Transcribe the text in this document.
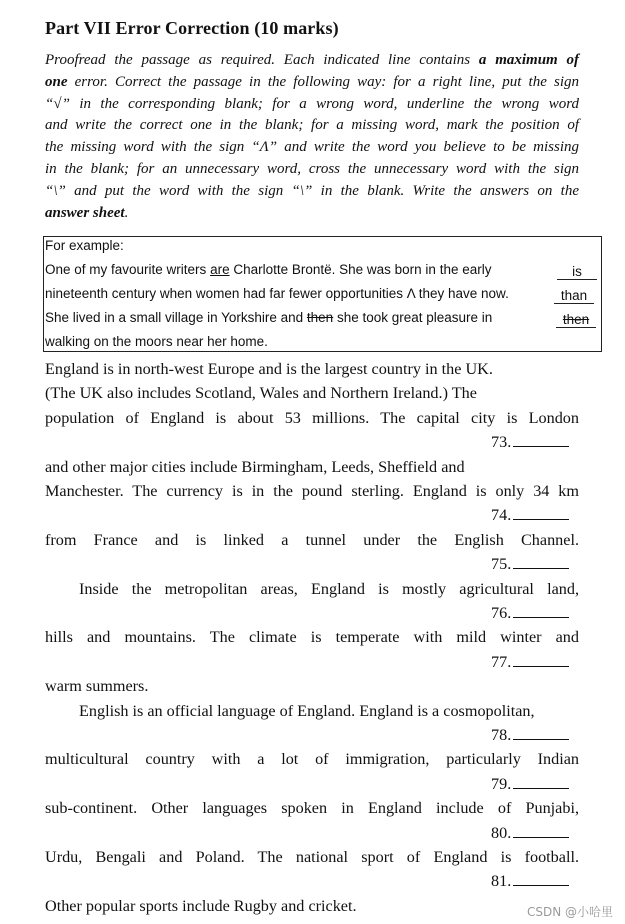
Part VII Error Correction (10 marks)
Proofread the passage as required. Each indicated line contains a maximum of
one error. Correct the passage in the following way: for a right line, put the sign
“√” in the corresponding blank; for a wrong word, underline the wrong word
and write the correct one in the blank; for a missing word, mark the position of
the missing word with the sign “Λ” and write the word you believe to be missing
in the blank; for an unnecessary word, cross the unnecessary word with the sign
“\” and put the word with the sign “\” in the blank. Write the answers on the
answer sheet.
For example:
One of my favourite writers are Charlotte Brontë. She was born in the early	is
nineteenth century when women had far fewer opportunities Λ they have now.	than
She lived in a small village in Yorkshire and then she took great pleasure in	then
walking on the moors near her home.
England is in north-west Europe and is the largest country in the UK.
(The UK also includes Scotland, Wales and Northern Ireland.) The
population of England is about 53 millions. The capital city is London
73.
and other major cities include Birmingham, Leeds, Sheffield and
Manchester. The currency is in the pound sterling. England is only 34 km
74.
from France and is linked a tunnel under the English Channel.
75.
Inside the metropolitan areas, England is mostly agricultural land,
76.
hills and mountains. The climate is temperate with mild winter and
77.
warm summers.
English is an official language of England. England is a cosmopolitan,
78.
multicultural country with a lot of immigration, particularly Indian
79.
sub-continent. Other languages spoken in England include of Punjabi,
80.
Urdu, Bengali and Poland. The national sport of England is football.
81.
Other popular sports include Rugby and cricket.	CSDN @小哈里
